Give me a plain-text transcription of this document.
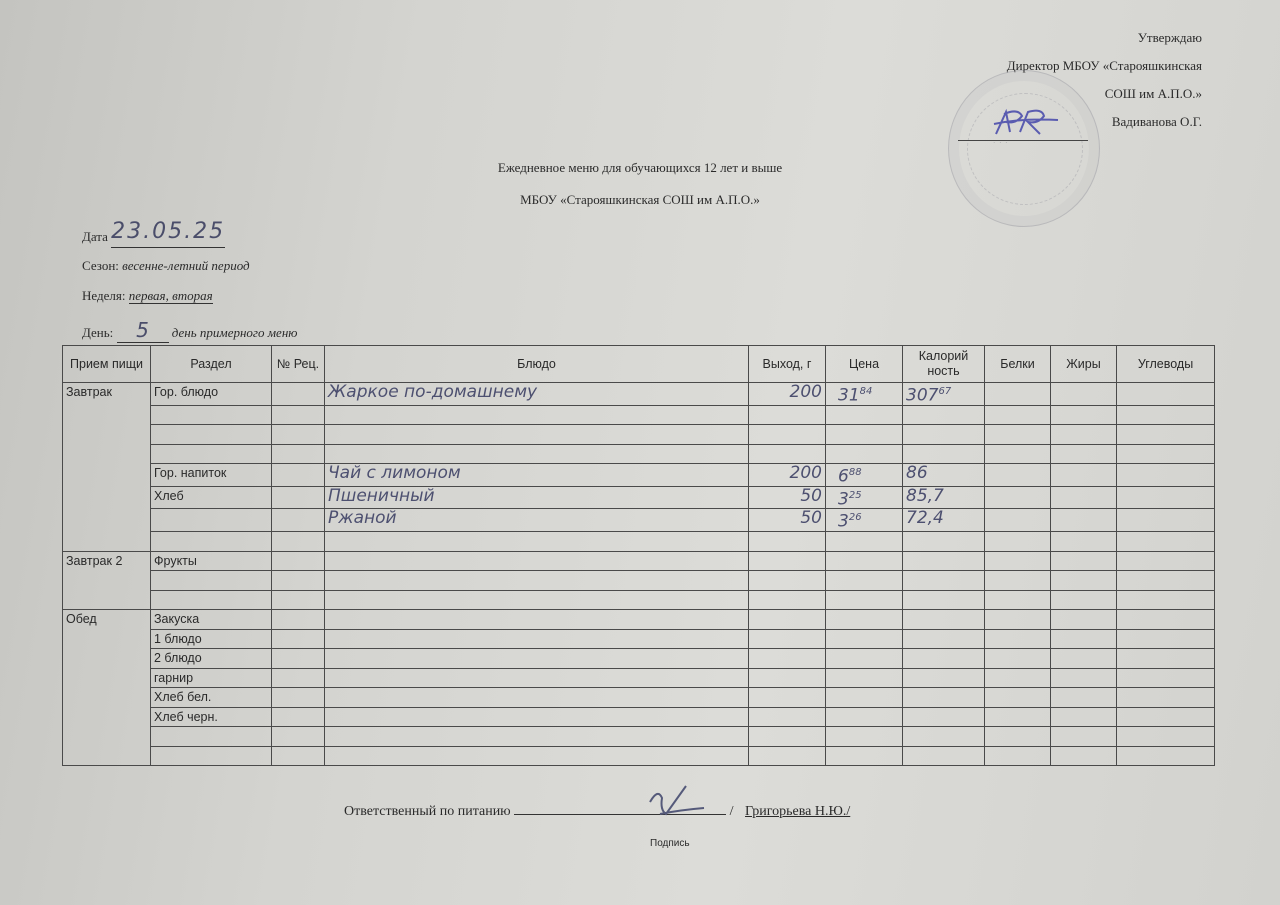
· · ·
Утверждаю
Директор МБОУ «Старояшкинская
СОШ им А.П.О.»
Вадиванова О.Г.
Ежедневное меню для обучающихся 12 лет и выше
МБОУ «Старояшкинская СОШ им А.П.О.»
Дата 23.05.25
Сезон: весенне-летний период
Неделя: первая, вторая
День: 5 день примерного меню
Прием пищи	Раздел	№ Рец.	Блюдо	Выход, г	Цена	Калорий ность	Белки	Жиры	Углеводы
Завтрак	Гор. блюдо		Жаркое по-домашнему	200	$31^{84}$	$307^{67}$			

	Гор. напиток		Чай с лимоном	200	$6^{88}$	86			
	Хлеб		Пшеничный	50	$3^{25}$	85,7			
			Ржаной	50	$3^{26}$	72,4			

Завтрак 2	Фрукты								

Обед	Закуска								
	1 блюдо								
	2 блюдо								
	гарнир								
	Хлеб бел.								
	Хлеб черн.								

Ответственный по питанию	/ Григорьева Н.Ю./
Подпись
